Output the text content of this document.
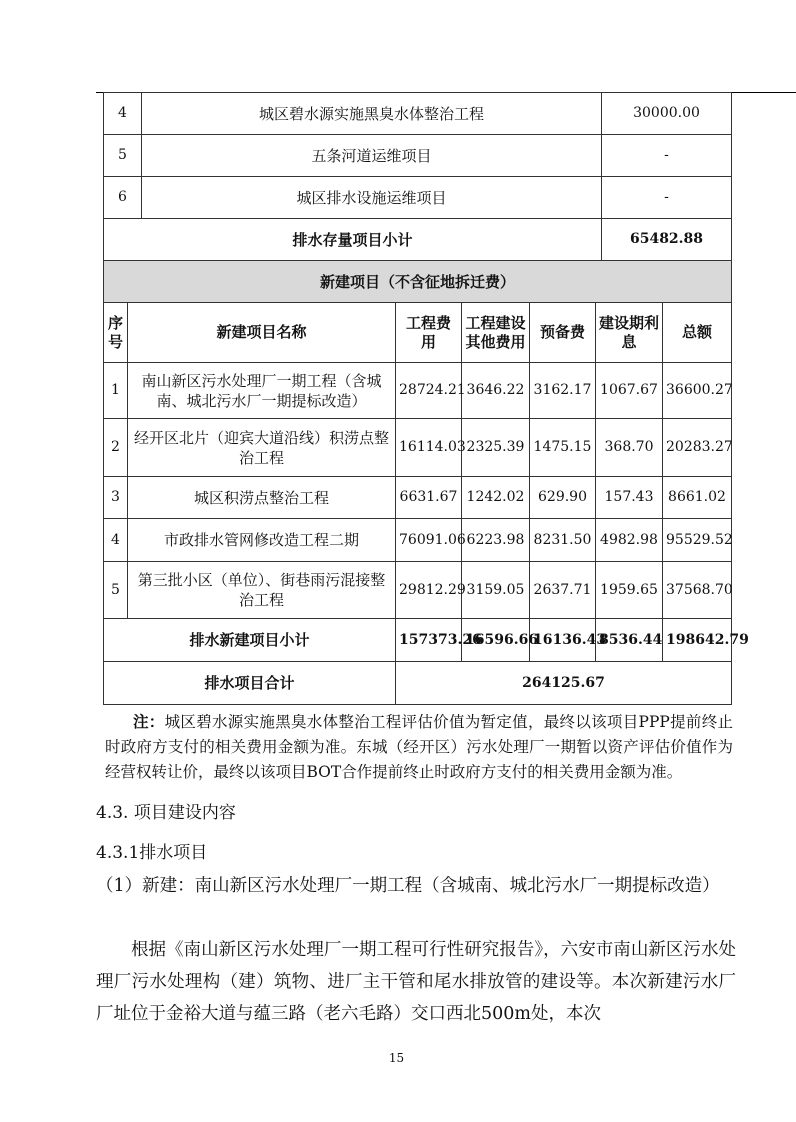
4	城区碧水源实施黑臭水体整治工程	30000.00
5	五条河道运维项目	-
6	城区排水设施运维项目	-
排水存量项目小计		65482.88
新建项目（不含征地拆迁费）						
序号	新建项目名称	工程费用	工程建设其他费用	预备费	建设期利息	总额
1	南山新区污水处理厂一期工程（含城南、城北污水厂一期提标改造）	28724.21	3646.22	3162.17	1067.67	36600.27
2	经开区北片（迎宾大道沿线）积涝点整治工程	16114.03	2325.39	1475.15	368.70	20283.27
3	城区积涝点整治工程	6631.67	1242.02	629.90	157.43	8661.02
4	市政排水管网修改造工程二期	76091.06	6223.98	8231.50	4982.98	95529.52
5	第三批小区（单位）、街巷雨污混接整治工程	29812.29	3159.05	2637.71	1959.65	37568.70
排水新建项目小计		157373.26	16596.66	16136.43	8536.44	198642.79
排水项目合计		264125.67				
注：城区碧水源实施黑臭水体整治工程评估价值为暂定值，最终以该项目PPP提前终止时政府方支付的相关费用金额为准。东城（经开区）污水处理厂一期暂以资产评估价值作为经营权转让价，最终以该项目BOT合作提前终止时政府方支付的相关费用金额为准。
4.3. 项目建设内容
4.3.1排水项目
（1）新建：南山新区污水处理厂一期工程（含城南、城北污水厂一期提标改造）
根据《南山新区污水处理厂一期工程可行性研究报告》，六安市南山新区污水处理厂污水处理构（建）筑物、进厂主干管和尾水排放管的建设等。本次新建污水厂厂址位于金裕大道与蕴三路（老六毛路）交口西北500m处，本次
15
